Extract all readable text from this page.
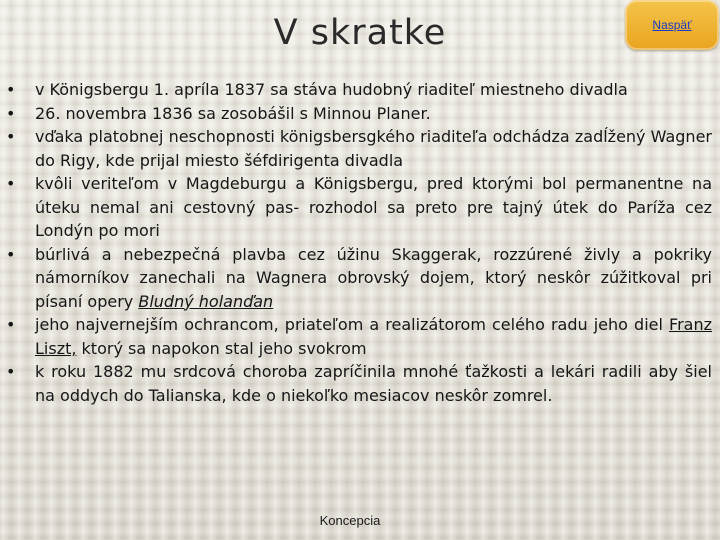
V skratke	Naspäť
• v Königsbergu 1. apríla 1837 sa stáva hudobný riaditeľ miestneho divadla
• 26. novembra 1836 sa zosobášil s Minnou Planer.
• vďaka platobnej neschopnosti königsbersgkého riaditeľa odchádza zadĺžený Wagner do Rigy, kde prijal miesto šéfdirigenta divadla
• kvôli veriteľom v Magdeburgu a Königsbergu, pred ktorými bol permanentne na úteku nemal ani cestovný pas- rozhodol sa preto pre tajný útek do Paríža cez Londýn po mori
• búrlivá a nebezpečná plavba cez úžinu Skaggerak, rozzúrené živly a pokriky námorníkov zanechali na Wagnera obrovský dojem, ktorý neskôr zúžitkoval pri písaní opery Bludný holanďan
• jeho najvernejším ochrancom, priateľom a realizátorom celého radu jeho diel Franz Liszt, ktorý sa napokon stal jeho svokrom
• k roku 1882 mu srdcová choroba zapríčinila mnohé ťažkosti a lekári radili aby šiel na oddych do Talianska, kde o niekoľko mesiacov neskôr zomrel.
Koncepcia
